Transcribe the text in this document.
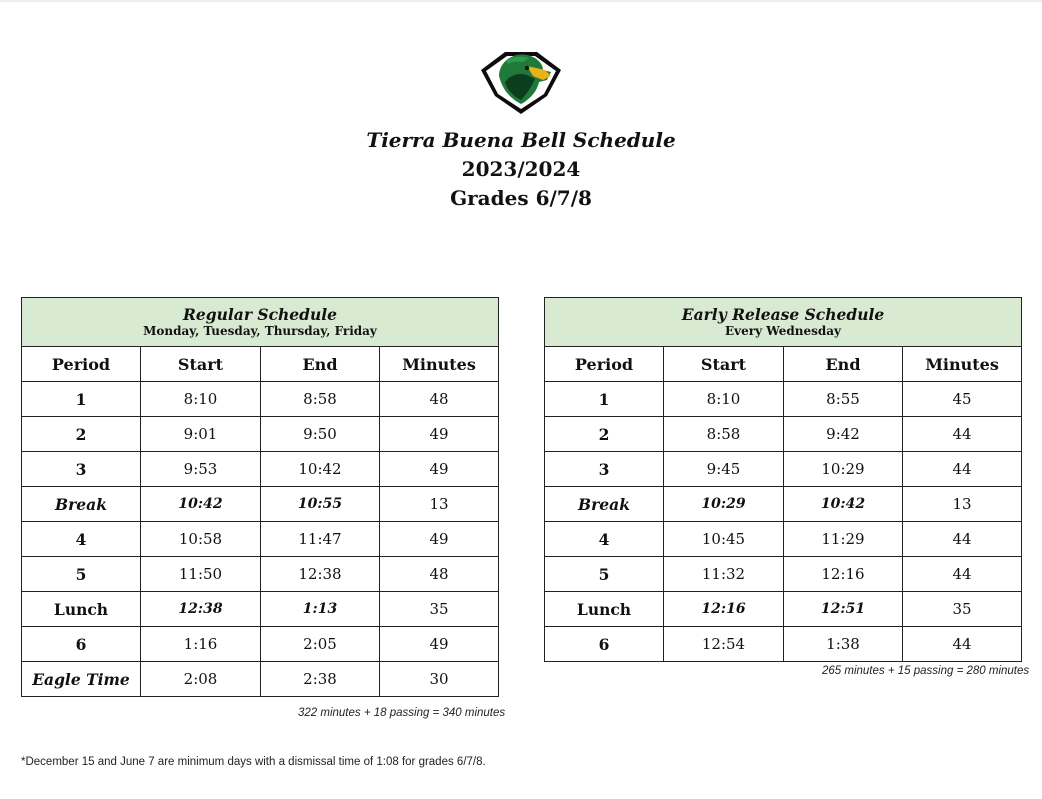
Tierra Buena Bell Schedule
2023/2024
Grades 6/7/8
Regular Schedule
Monday, Tuesday, Thursday, Friday			

Period	Start	End	Minutes
1	8:10	8:58	48
2	9:01	9:50	49
3	9:53	10:42	49
Break	10:42	10:55	13
4	10:58	11:47	49
5	11:50	12:38	48
Lunch	12:38	1:13	35
6	1:16	2:05	49
Eagle Time	2:08	2:38	30
Early Release Schedule
Every Wednesday			

Period	Start	End	Minutes
1	8:10	8:55	45
2	8:58	9:42	44
3	9:45	10:29	44
Break	10:29	10:42	13
4	10:45	11:29	44
5	11:32	12:16	44
Lunch	12:16	12:51	35
6	12:54	1:38	44
322 minutes + 18 passing = 340 minutes
265 minutes + 15 passing = 280 minutes
*December 15 and June 7 are minimum days with a dismissal time of 1:08 for grades 6/7/8.
